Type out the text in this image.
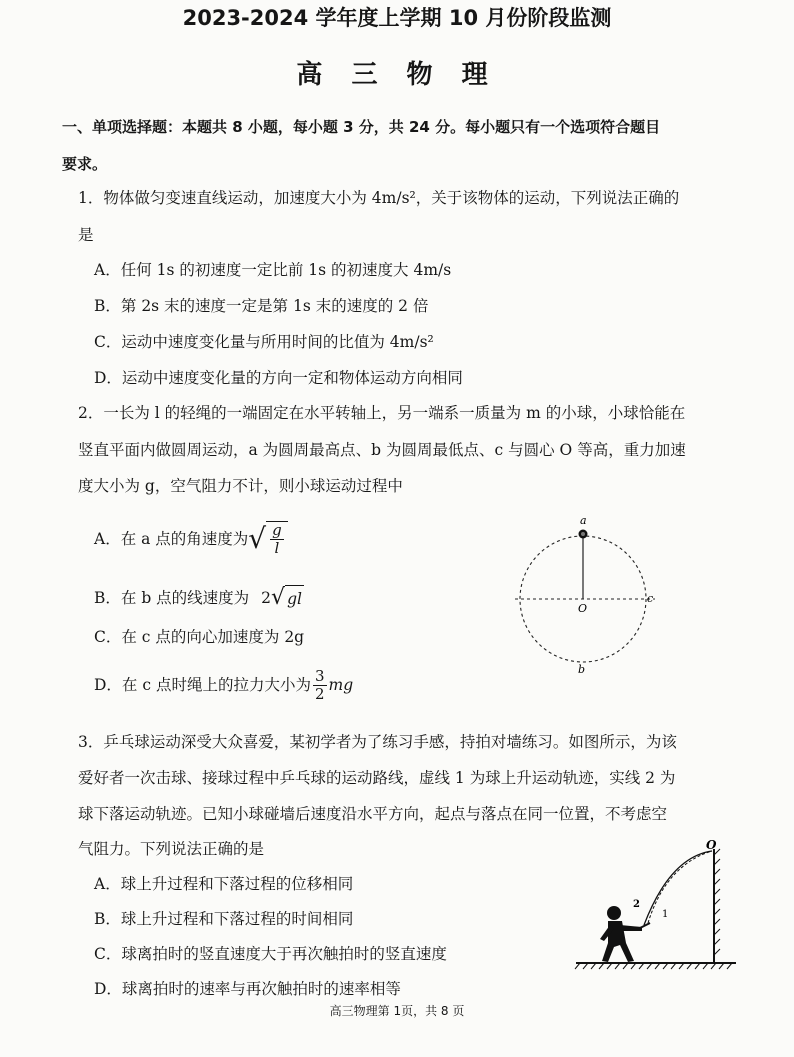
2023-2024 学年度上学期 10 月份阶段监测
高 三 物 理
一、单项选择题：本题共 8 小题，每小题 3 分，共 24 分。每小题只有一个选项符合题目
要求。
1．物体做匀变速直线运动，加速度大小为 4m/s²，关于该物体的运动，下列说法正确的
是
A．任何 1s 的初速度一定比前 1s 的初速度大 4m/s
B．第 2s 末的速度一定是第 1s 末的速度的 2 倍
C．运动中速度变化量与所用时间的比值为 4m/s²
D．运动中速度变化量的方向一定和物体运动方向相同
2．一长为 l 的轻绳的一端固定在水平转轴上，另一端系一质量为 m 的小球，小球恰能在
竖直平面内做圆周运动，a 为圆周最高点、b 为圆周最低点、c 与圆心 O 等高，重力加速
度大小为 g，空气阻力不计，则小球运动过程中
A．在 a 点的角速度为 √ $\frac{g}{l}$
B．在 b 点的线速度为 2 √ gl
C．在 c 点的向心加速度为 2g
D．在 c 点时绳上的拉力大小为 $\frac{3}{2}$ mg
a
O
c
b
3．乒乓球运动深受大众喜爱，某初学者为了练习手感，持拍对墙练习。如图所示，为该
爱好者一次击球、接球过程中乒乓球的运动路线，虚线 1 为球上升运动轨迹，实线 2 为
球下落运动轨迹。已知小球碰墙后速度沿水平方向，起点与落点在同一位置，不考虑空
气阻力。下列说法正确的是
A．球上升过程和下落过程的位移相同
B．球上升过程和下落过程的时间相同
C．球离拍时的竖直速度大于再次触拍时的竖直速度
D．球离拍时的速率与再次触拍时的速率相等
O
1
2
高三物理第 1页，共 8 页
